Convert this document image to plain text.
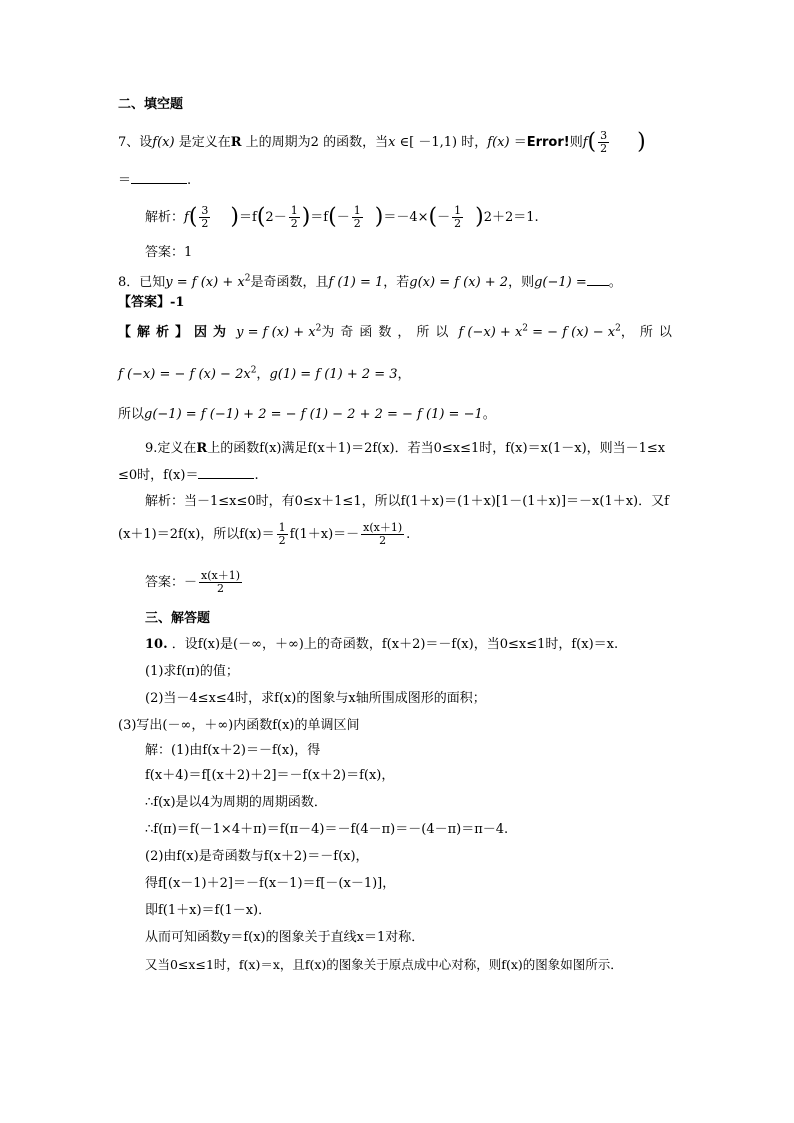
二、填空题
7、设f(x) 是定义在R 上的周期为2 的函数，当x ∈[ －1,1) 时，f(x) ＝Error!则$f( \frac{3}{2}$ )
＝	.
解析：$f( \frac{3}{2} )=f(2- \frac{1}{2} )=f(- \frac{1}{2} )=-4\times(- \frac{1}{2} )2+2=1$.
答案：1
8．已知y = f $(x) + x^2$是奇函数，且f (1) = 1，若g(x) = f (x) + 2，则g(−1) = 。
【答案】-1
【解析】因为 y = f $(x) + x^2$为奇函数，所以 f $(-x) + x^2$ = − f $(x) - x^2$，所以
f (−x) = − f $(x) - 2x^2$，g(1) = f (1) + 2 = 3，
所以g(−1) = f (−1) + 2 = − f (1) − 2 + 2 = − f (1) = −1。
9.定义在R上的函数f(x)满足f(x＋1)＝2f(x)．若当0≤x≤1时，f(x)＝x(1－x)，则当－1≤x
≤0时，f(x)＝	.
解析：当－1≤x≤0时，有0≤x＋1≤1，所以f(1＋x)＝(1＋x)[1－(1＋x)]＝－x(1＋x)．又f
(x＋1)＝2f(x)，所以$f(x)= \frac{1}{2} f(1+x)=- \frac{x(x+1)}{2}$ .
答案：－ $\frac{x(x+1)}{2}$
三、解答题
10. ．设f(x)是(－∞，＋∞)上的奇函数，f(x＋2)＝－f(x)，当0≤x≤1时，f(x)＝x.
(1)求f(π)的值；
(2)当－4≤x≤4时，求f(x)的图象与x轴所围成图形的面积；
(3)写出(－∞，＋∞)内函数f(x)的单调区间
解：(1)由f(x＋2)＝－f(x)，得
f(x＋4)＝f[(x＋2)＋2]＝－f(x＋2)＝f(x)，
∴f(x)是以4为周期的周期函数．
∴f(π)＝f(－1×4＋π)＝f(π－4)＝－f(4－π)＝－(4－π)＝π－4.
(2)由f(x)是奇函数与f(x＋2)＝－f(x)，
得f[(x－1)＋2]＝－f(x－1)＝f[－(x－1)]，
即f(1＋x)＝f(1－x)．
从而可知函数y＝f(x)的图象关于直线x＝1对称．
又当0≤x≤1时，f(x)＝x，且f(x)的图象关于原点成中心对称，则f(x)的图象如图所示．
